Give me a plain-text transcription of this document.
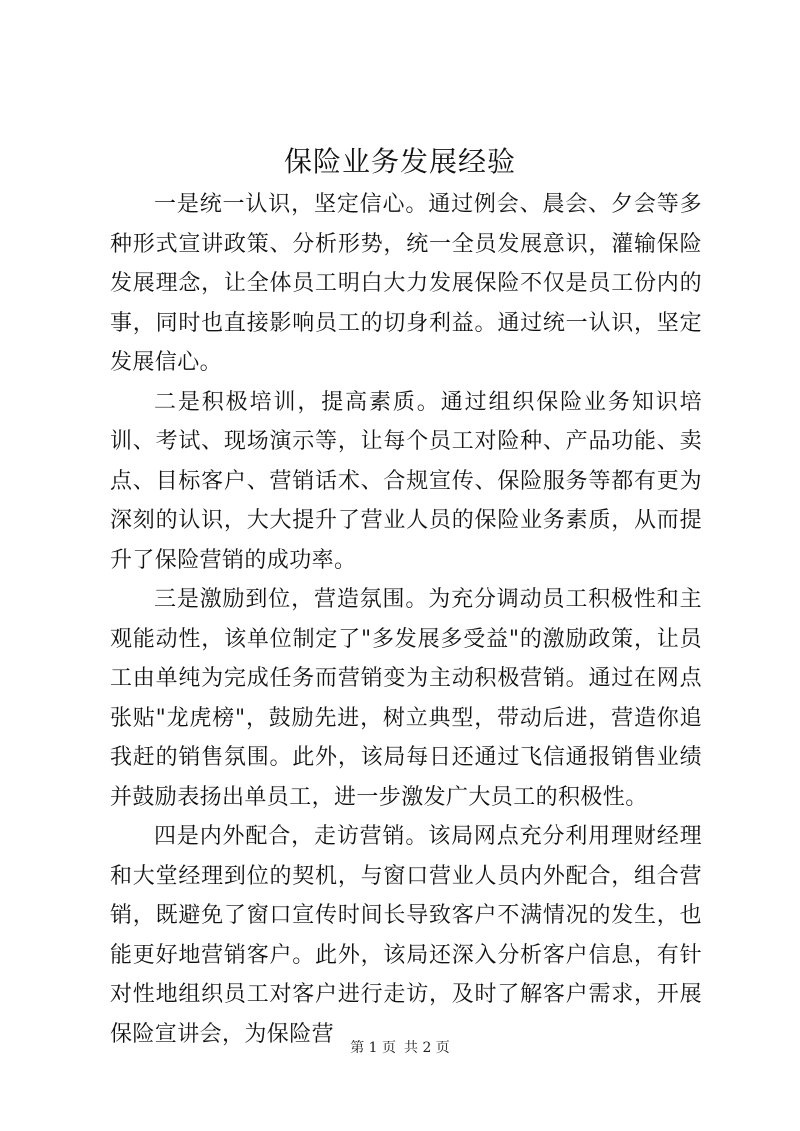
保险业务发展经验

一是统一认识，坚定信心。通过例会、晨会、夕会等多种形式宣讲政策、分析形势，统一全员发展意识，灌输保险发展理念，让全体员工明白大力发展保险不仅是员工份内的事，同时也直接影响员工的切身利益。通过统一认识，坚定发展信心。

二是积极培训，提高素质。通过组织保险业务知识培训、考试、现场演示等，让每个员工对险种、产品功能、卖点、目标客户、营销话术、合规宣传、保险服务等都有更为深刻的认识，大大提升了营业人员的保险业务素质，从而提升了保险营销的成功率。

三是激励到位，营造氛围。为充分调动员工积极性和主观能动性，该单位制定了"多发展多受益"的激励政策，让员工由单纯为完成任务而营销变为主动积极营销。通过在网点张贴"龙虎榜"，鼓励先进，树立典型，带动后进，营造你追我赶的销售氛围。此外，该局每日还通过飞信通报销售业绩并鼓励表扬出单员工，进一步激发广大员工的积极性。

四是内外配合，走访营销。该局网点充分利用理财经理和大堂经理到位的契机，与窗口营业人员内外配合，组合营销，既避免了窗口宣传时间长导致客户不满情况的发生，也能更好地营销客户。此外，该局还深入分析客户信息，有针对性地组织员工对客户进行走访，及时了解客户需求，开展保险宣讲会，为保险营

第 1 页 共 2 页
